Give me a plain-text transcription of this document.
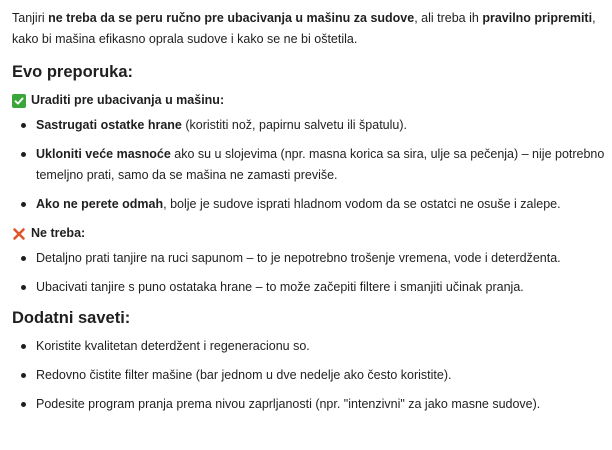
Tanjiri ne treba da se peru ručno pre ubacivanja u mašinu za sudove, ali treba ih pravilno pripremiti, kako bi mašina efikasno oprala sudove i kako se ne bi oštetila.

Evo preporuka:
Uraditi pre ubacivanja u mašinu:
Sastrugati ostatke hrane (koristiti nož, papirnu salvetu ili špatulu).
Ukloniti veće masnoće ako su u slojevima (npr. masna korica sa sira, ulje sa pečenja) – nije potrebno temeljno prati, samo da se mašina ne zamasti previše.
Ako ne perete odmah, bolje je sudove isprati hladnom vodom da se ostatci ne osuše i zalepe.
Ne treba:
Detaljno prati tanjire na ruci sapunom – to je nepotrebno trošenje vremena, vode i deterdženta.
Ubacivati tanjire s puno ostataka hrane – to može začepiti filtere i smanjiti učinak pranja.
Dodatni saveti:
Koristite kvalitetan deterdžent i regeneracionu so.
Redovno čistite filter mašine (bar jednom u dve nedelje ako često koristite).
Podesite program pranja prema nivou zaprljanosti (npr. "intenzivni" za jako masne sudove).
